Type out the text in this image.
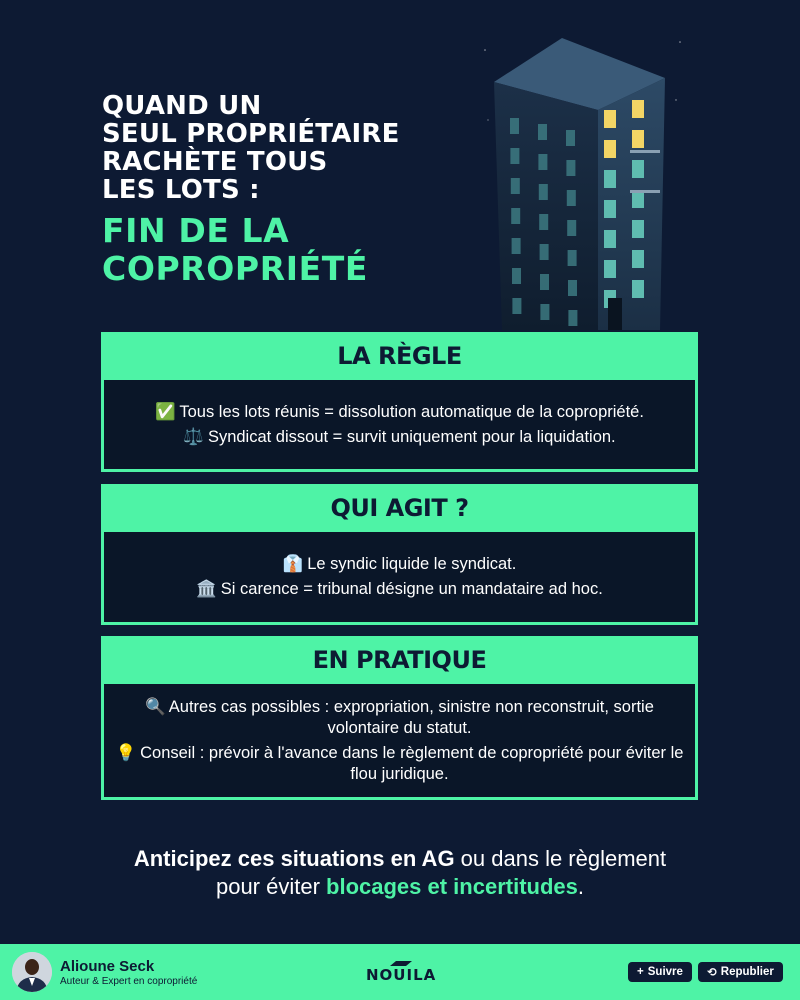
QUAND UN
SEUL PROPRIÉTAIRE
RACHÈTE TOUS
LES LOTS :
FIN DE LA
COPROPRIÉTÉ
LA RÈGLE
✅ Tous les lots réunis = dissolution automatique de la copropriété.
⚖️ Syndicat dissout = survit uniquement pour la liquidation.
QUI AGIT ?
👔 Le syndic liquide le syndicat.
🏛️ Si carence = tribunal désigne un mandataire ad hoc.
EN PRATIQUE
🔍 Autres cas possibles : expropriation, sinistre non reconstruit, sortie volontaire du statut.
💡 Conseil : prévoir à l'avance dans le règlement de copropriété pour éviter le flou juridique.
Anticipez ces situations en AG ou dans le règlement
pour éviter blocages et incertitudes.
Alioune Seck
Auteur & Expert en copropriété	NOUILA	+ Suivre ⟲ Republier
